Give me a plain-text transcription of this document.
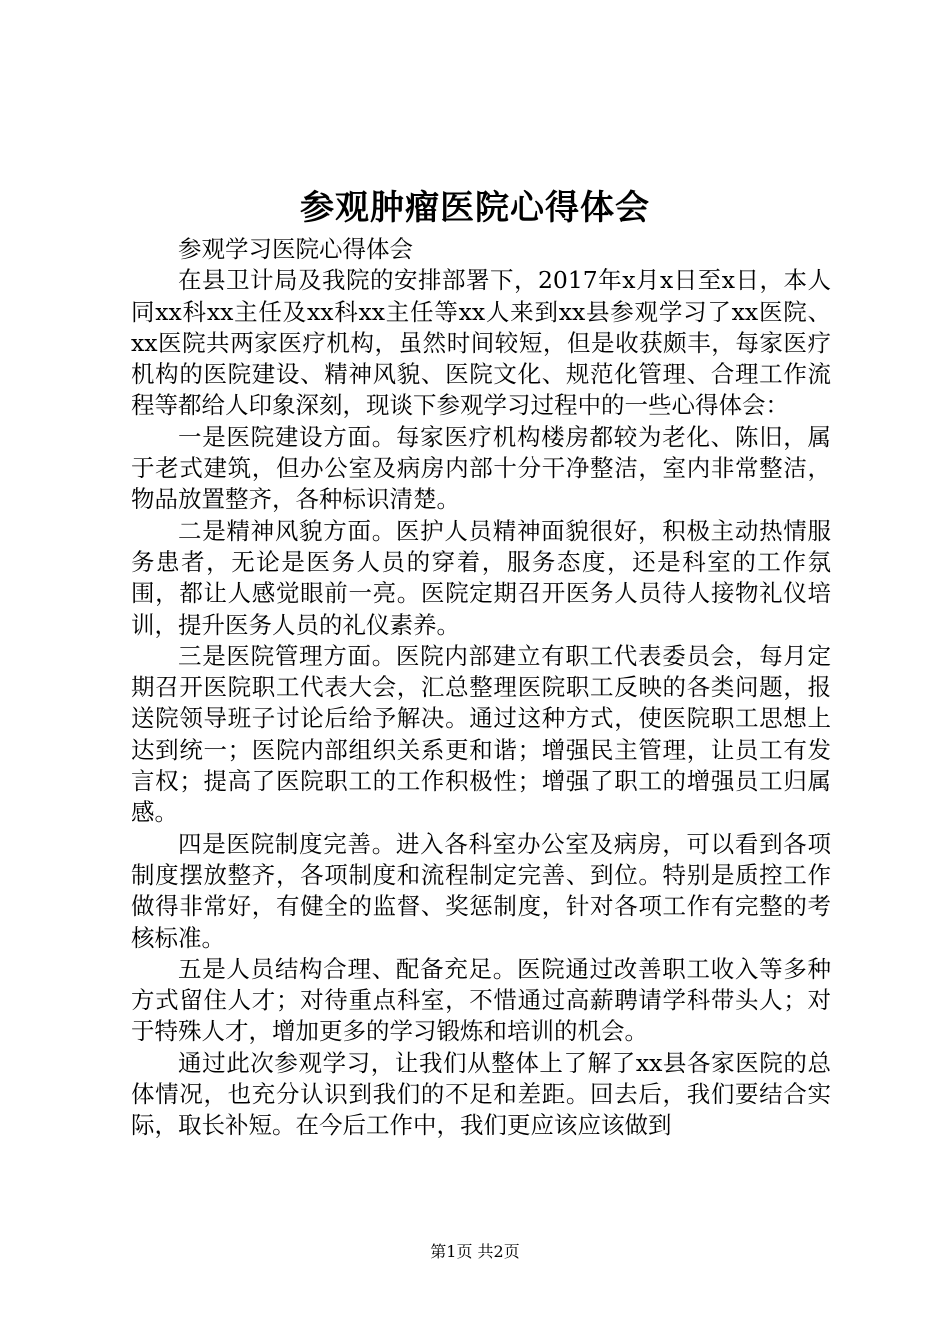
参观肿瘤医院心得体会

参观学习医院心得体会

在县卫计局及我院的安排部署下，2017年x月x日至x日，本人同xx科xx主任及xx科xx主任等xx人来到xx县参观学习了xx医院、xx医院共两家医疗机构，虽然时间较短，但是收获颇丰，每家医疗机构的医院建设、精神风貌、医院文化、规范化管理、合理工作流程等都给人印象深刻，现谈下参观学习过程中的一些心得体会：

一是医院建设方面。每家医疗机构楼房都较为老化、陈旧，属于老式建筑，但办公室及病房内部十分干净整洁，室内非常整洁，物品放置整齐，各种标识清楚。

二是精神风貌方面。医护人员精神面貌很好，积极主动热情服务患者，无论是医务人员的穿着，服务态度，还是科室的工作氛围，都让人感觉眼前一亮。医院定期召开医务人员待人接物礼仪培训，提升医务人员的礼仪素养。

三是医院管理方面。医院内部建立有职工代表委员会，每月定期召开医院职工代表大会，汇总整理医院职工反映的各类问题，报送院领导班子讨论后给予解决。通过这种方式，使医院职工思想上达到统一；医院内部组织关系更和谐；增强民主管理，让员工有发言权；提高了医院职工的工作积极性；增强了职工的增强员工归属感。

四是医院制度完善。进入各科室办公室及病房，可以看到各项制度摆放整齐，各项制度和流程制定完善、到位。特别是质控工作做得非常好，有健全的监督、奖惩制度，针对各项工作有完整的考核标准。

五是人员结构合理、配备充足。医院通过改善职工收入等多种方式留住人才；对待重点科室，不惜通过高薪聘请学科带头人；对于特殊人才，增加更多的学习锻炼和培训的机会。

通过此次参观学习，让我们从整体上了解了xx县各家医院的总体情况，也充分认识到我们的不足和差距。回去后，我们要结合实际，取长补短。在今后工作中，我们更应该应该做到

第1页 共2页
